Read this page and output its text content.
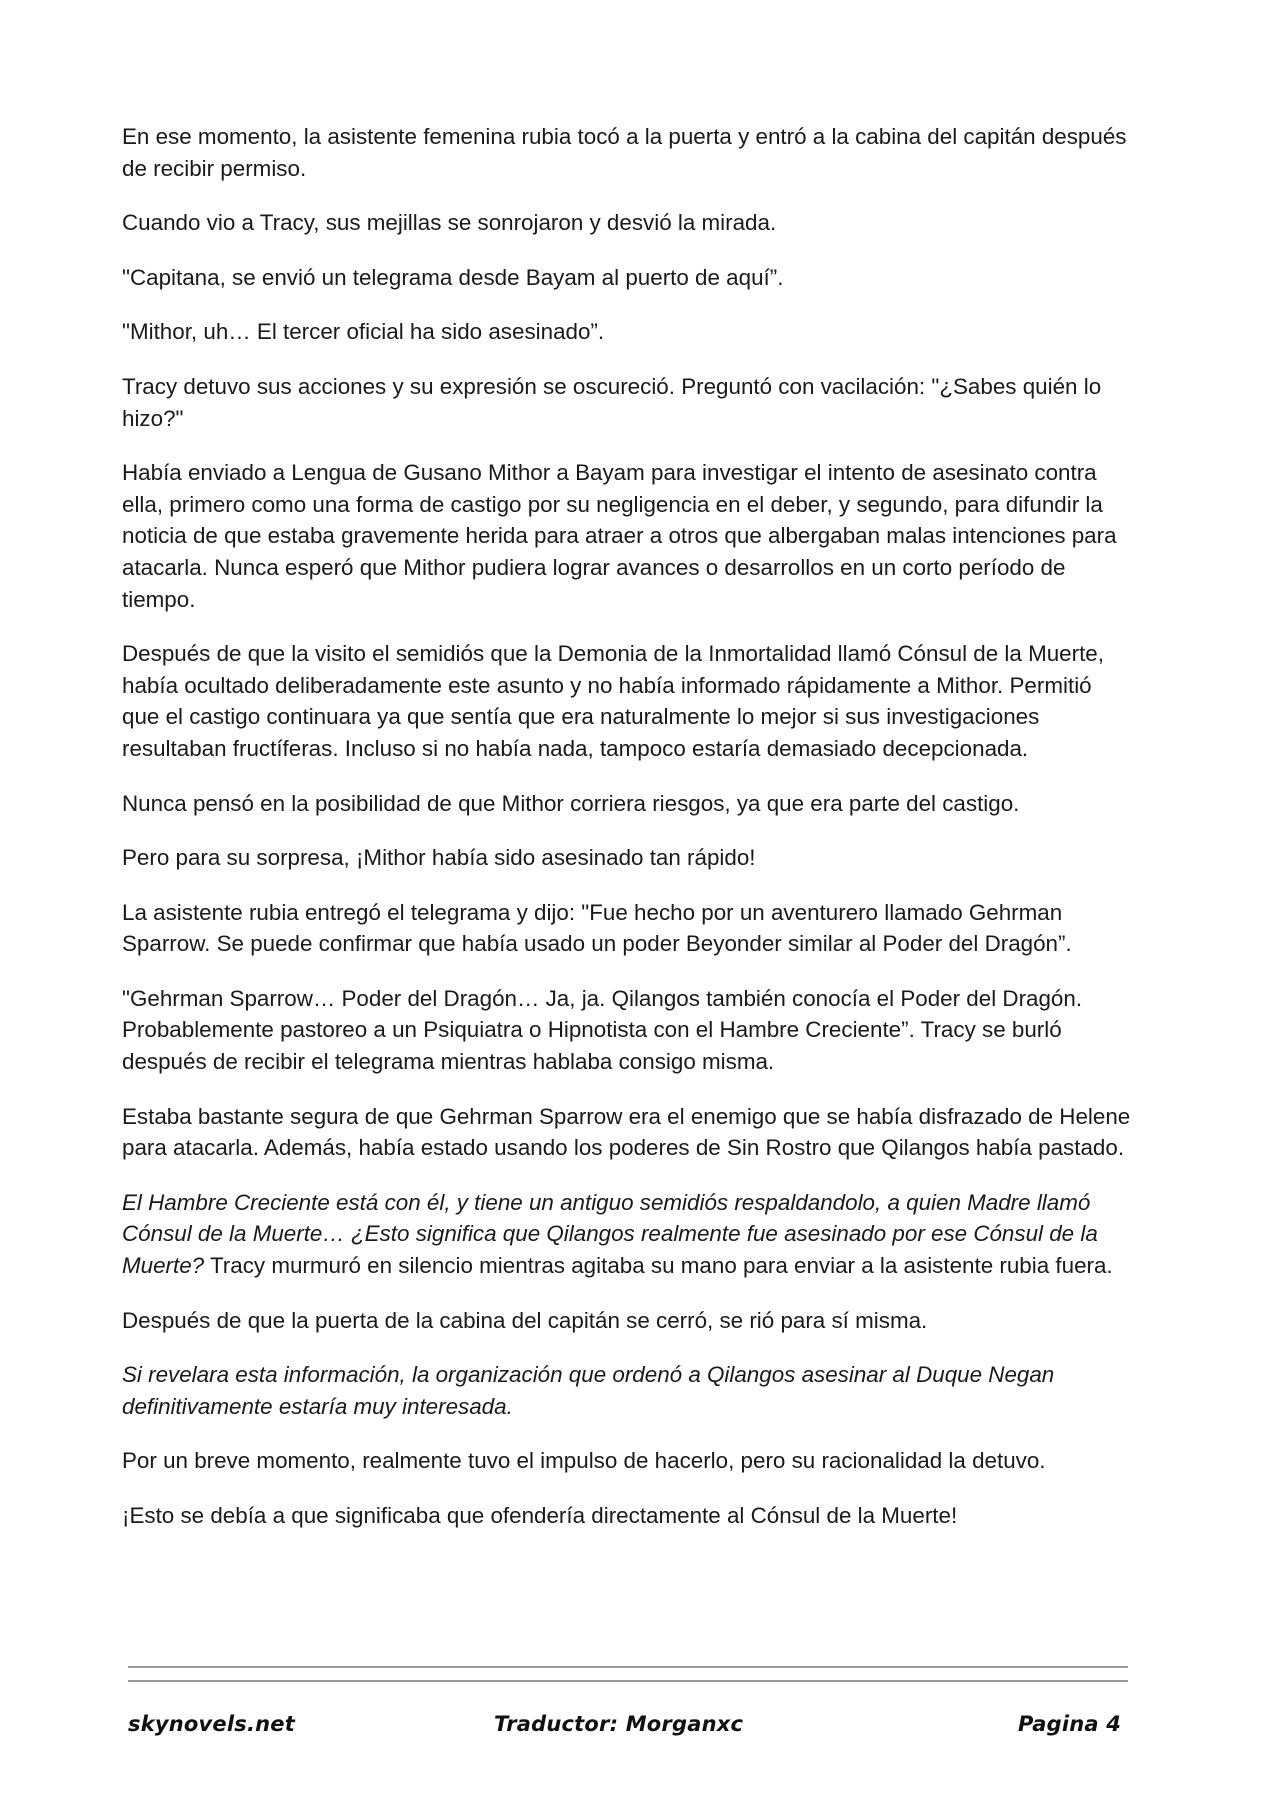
En ese momento, la asistente femenina rubia tocó a la puerta y entró a la cabina del capitán después de recibir permiso.

Cuando vio a Tracy, sus mejillas se sonrojaron y desvió la mirada.

"Capitana, se envió un telegrama desde Bayam al puerto de aquí”.

"Mithor, uh… El tercer oficial ha sido asesinado”.

Tracy detuvo sus acciones y su expresión se oscureció. Preguntó con vacilación: "¿Sabes quién lo hizo?"

Había enviado a Lengua de Gusano Mithor a Bayam para investigar el intento de asesinato contra ella, primero como una forma de castigo por su negligencia en el deber, y segundo, para difundir la noticia de que estaba gravemente herida para atraer a otros que albergaban malas intenciones para atacarla. Nunca esperó que Mithor pudiera lograr avances o desarrollos en un corto período de tiempo.

Después de que la visito el semidiós que la Demonia de la Inmortalidad llamó Cónsul de la Muerte, había ocultado deliberadamente este asunto y no había informado rápidamente a Mithor. Permitió que el castigo continuara ya que sentía que era naturalmente lo mejor si sus investigaciones resultaban fructíferas. Incluso si no había nada, tampoco estaría demasiado decepcionada.

Nunca pensó en la posibilidad de que Mithor corriera riesgos, ya que era parte del castigo.

Pero para su sorpresa, ¡Mithor había sido asesinado tan rápido!

La asistente rubia entregó el telegrama y dijo: "Fue hecho por un aventurero llamado Gehrman Sparrow. Se puede confirmar que había usado un poder Beyonder similar al Poder del Dragón”.

"Gehrman Sparrow… Poder del Dragón… Ja, ja. Qilangos también conocía el Poder del Dragón. Probablemente pastoreo a un Psiquiatra o Hipnotista con el Hambre Creciente”. Tracy se burló después de recibir el telegrama mientras hablaba consigo misma.

Estaba bastante segura de que Gehrman Sparrow era el enemigo que se había disfrazado de Helene para atacarla. Además, había estado usando los poderes de Sin Rostro que Qilangos había pastado.

El Hambre Creciente está con él, y tiene un antiguo semidiós respaldandolo, a quien Madre llamó Cónsul de la Muerte… ¿Esto significa que Qilangos realmente fue asesinado por ese Cónsul de la Muerte? Tracy murmuró en silencio mientras agitaba su mano para enviar a la asistente rubia fuera.

Después de que la puerta de la cabina del capitán se cerró, se rió para sí misma.

Si revelara esta información, la organización que ordenó a Qilangos asesinar al Duque Negan definitivamente estaría muy interesada.

Por un breve momento, realmente tuvo el impulso de hacerlo, pero su racionalidad la detuvo.

¡Esto se debía a que significaba que ofendería directamente al Cónsul de la Muerte!

skynovels.net	Traductor: Morganxc	Pagina 4
